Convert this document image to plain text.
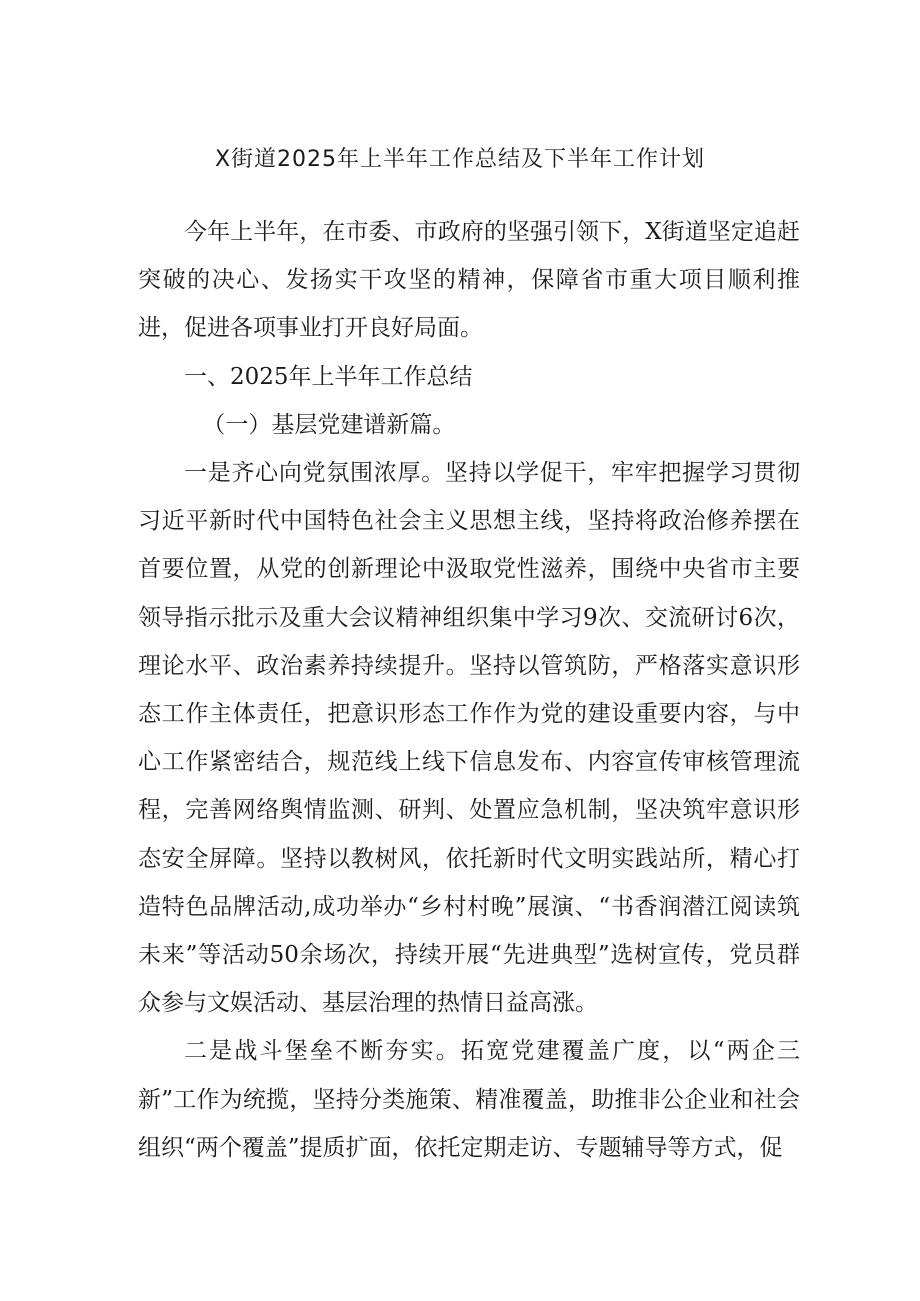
X街道2025年上半年工作总结及下半年工作计划

今年上半年，在市委、市政府的坚强引领下，X街道坚定追赶突破的决心、发扬实干攻坚的精神，保障省市重大项目顺利推进，促进各项事业打开良好局面。

一、2025年上半年工作总结

（一）基层党建谱新篇。

一是齐心向党氛围浓厚。坚持以学促干，牢牢把握学习贯彻习近平新时代中国特色社会主义思想主线，坚持将政治修养摆在首要位置，从党的创新理论中汲取党性滋养，围绕中央省市主要领导指示批示及重大会议精神组织集中学习9次、交流研讨6次，理论水平、政治素养持续提升。坚持以管筑防，严格落实意识形态工作主体责任，把意识形态工作作为党的建设重要内容，与中心工作紧密结合，规范线上线下信息发布、内容宣传审核管理流程，完善网络舆情监测、研判、处置应急机制，坚决筑牢意识形态安全屏障。坚持以教树风，依托新时代文明实践站所，精心打造特色品牌活动,成功举办“乡村村晚”展演、“书香润潜江阅读筑未来”等活动50余场次，持续开展“先进典型”选树宣传，党员群众参与文娱活动、基层治理的热情日益高涨。

二是战斗堡垒不断夯实。拓宽党建覆盖广度，以“两企三新”工作为统揽，坚持分类施策、精准覆盖，助推非公企业和社会组织“两个覆盖”提质扩面，依托定期走访、专题辅导等方式，促
